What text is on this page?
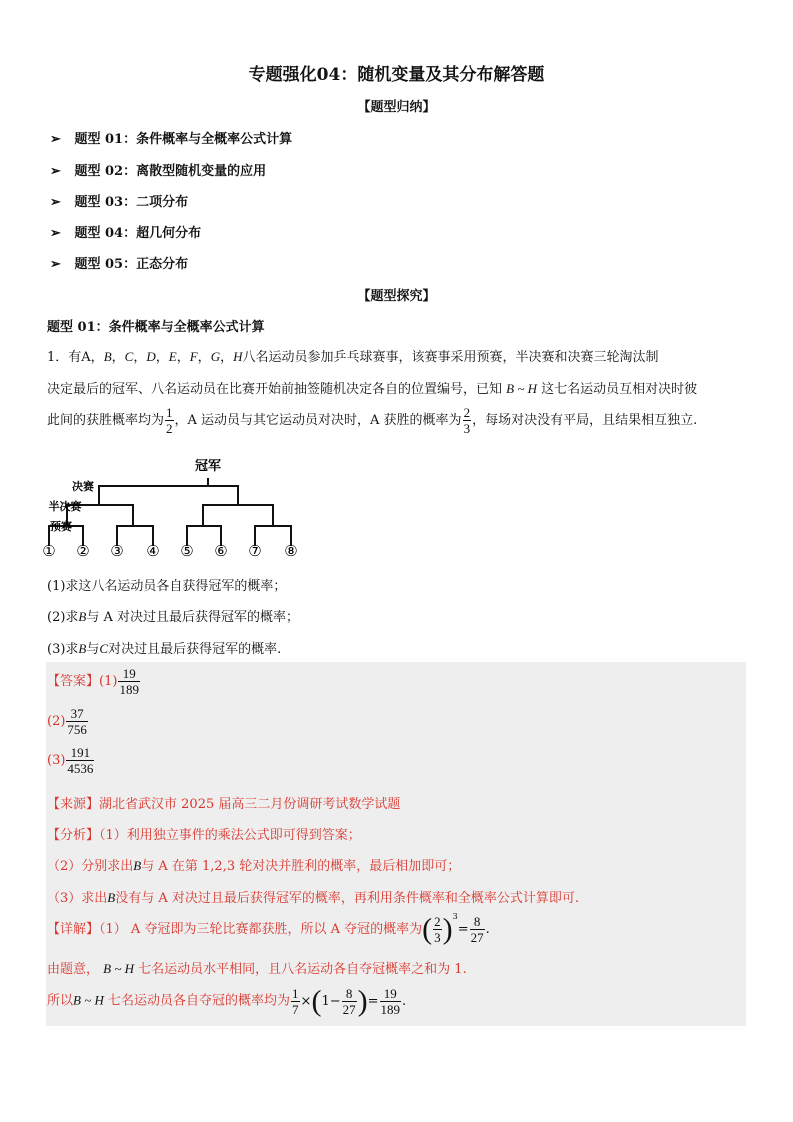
专题强化04：随机变量及其分布解答题
【题型归纳】
➢ 题型 01：条件概率与全概率公式计算
➢ 题型 02：离散型随机变量的应用
➢ 题型 03：二项分布
➢ 题型 04：超几何分布
➢ 题型 05：正态分布
【题型探究】
题型 01：条件概率与全概率公式计算
1．有A，B，C，D，E，F，G，H八名运动员参加乒乓球赛事，该赛事采用预赛，半决赛和决赛三轮淘汰制
决定最后的冠军、八名运动员在比赛开始前抽签随机决定各自的位置编号，已知 B ~ H 这七名运动员互相对决时彼
此间的获胜概率均为 $\frac{1}{2}$ ，A 运动员与其它运动员对决时，A 获胜的概率为 $\frac{2}{3}$ ，每场对决没有平局，且结果相互独立.
冠军
决赛
半决赛
预赛
① ② ③ ④ ⑤ ⑥ ⑦ ⑧
(1)求这八名运动员各自获得冠军的概率；
(2)求B与 A 对决过且最后获得冠军的概率；
(3)求B与C对决过且最后获得冠军的概率.
【答案】$(1) \frac{19}{189}$
$(2) \frac{37}{756}$
$(3) \frac{191}{4536}$
【来源】湖北省武汉市 2025 届高三二月份调研考试数学试题
【分析】（1）利用独立事件的乘法公式即可得到答案；
（2）分别求出B与 A 在第 1,2,3 轮对决并胜利的概率，最后相加即可；
（3）求出B没有与 A 对决过且最后获得冠军的概率，再利用条件概率和全概率公式计算即可.
【详解】（1） A 夺冠即为三轮比赛都获胜，所以 A 夺冠的概率为( $\frac{2}{3} )^3= \frac{8}{27}$ .
由题意， B ~ H 七名运动员水平相同，且八名运动各自夺冠概率之和为 1.
所以B ~ H 七名运动员各自夺冠的概率均为 $\frac{1}{7} \times(1- \frac{8}{27}$ )= $\frac{19}{189}$ .
